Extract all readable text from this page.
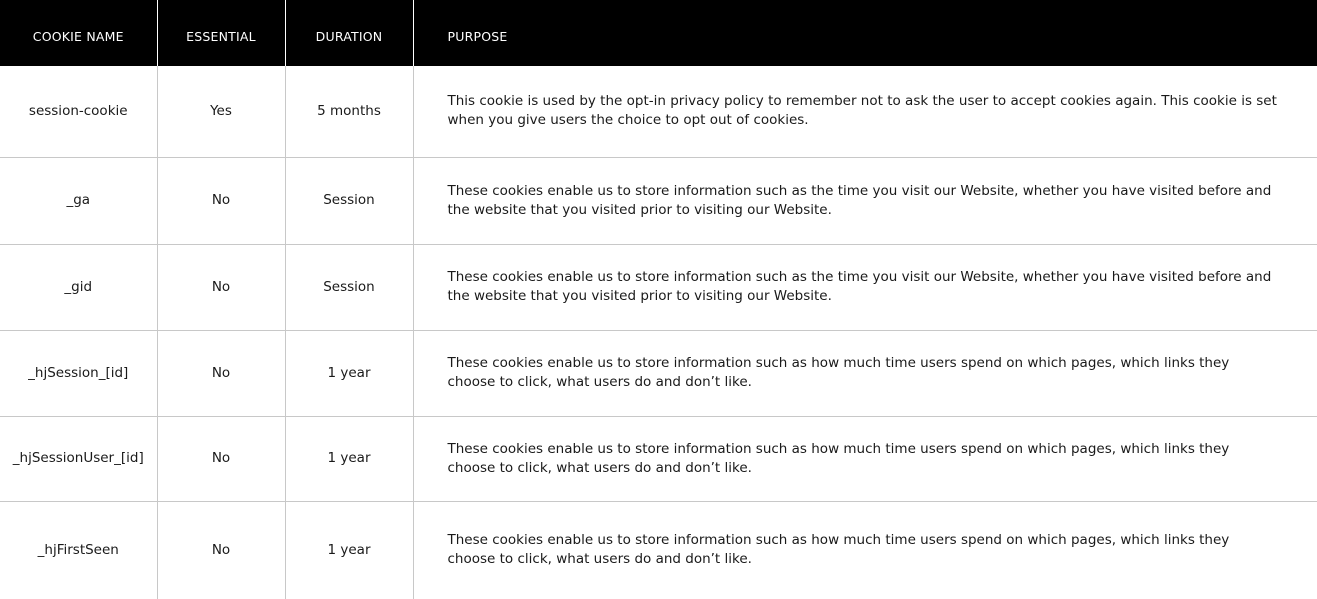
COOKIE NAME	ESSENTIAL	DURATION	PURPOSE
session-cookie	Yes	5 months	This cookie is used by the opt-in privacy policy to remember not to ask the user to accept cookies again. This cookie is set when you give users the choice to opt out of cookies.
_ga	No	Session	These cookies enable us to store information such as the time you visit our Website, whether you have visited before and the website that you visited prior to visiting our Website.
_gid	No	Session	These cookies enable us to store information such as the time you visit our Website, whether you have visited before and the website that you visited prior to visiting our Website.
_hjSession_[id]	No	1 year	These cookies enable us to store information such as how much time users spend on which pages, which links they choose to click, what users do and don’t like.
_hjSessionUser_[id]	No	1 year	These cookies enable us to store information such as how much time users spend on which pages, which links they choose to click, what users do and don’t like.
_hjFirstSeen	No	1 year	These cookies enable us to store information such as how much time users spend on which pages, which links they choose to click, what users do and don’t like.
